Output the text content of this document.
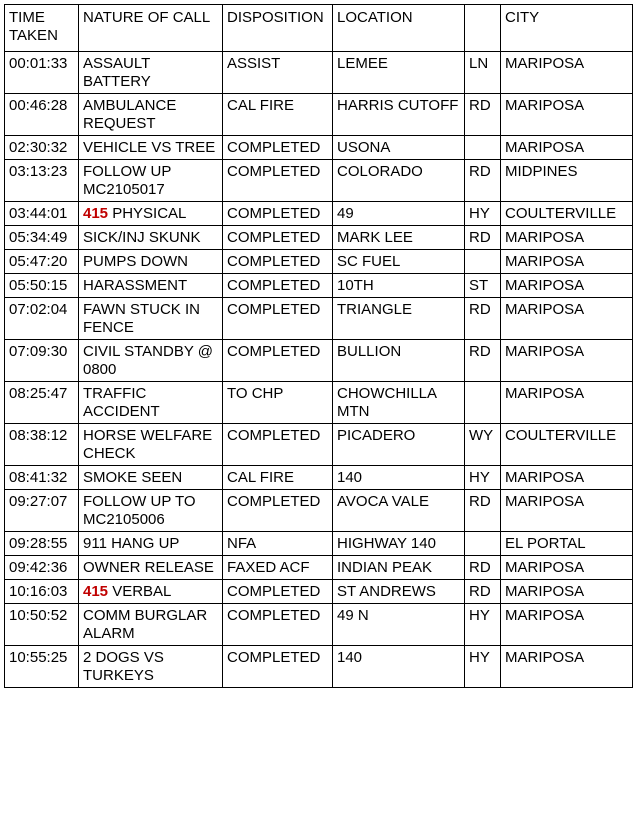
TIME TAKEN	NATURE OF CALL	DISPOSITION	LOCATION		CITY
00:01:33	ASSAULT BATTERY	ASSIST	LEMEE	LN	MARIPOSA
00:46:28	AMBULANCE REQUEST	CAL FIRE	HARRIS CUTOFF	RD	MARIPOSA
02:30:32	VEHICLE VS TREE	COMPLETED	USONA		MARIPOSA
03:13:23	FOLLOW UP MC2105017	COMPLETED	COLORADO	RD	MIDPINES
03:44:01	415 PHYSICAL	COMPLETED	49	HY	COULTERVILLE
05:34:49	SICK/INJ SKUNK	COMPLETED	MARK LEE	RD	MARIPOSA
05:47:20	PUMPS DOWN	COMPLETED	SC FUEL		MARIPOSA
05:50:15	HARASSMENT	COMPLETED	10TH	ST	MARIPOSA
07:02:04	FAWN STUCK IN FENCE	COMPLETED	TRIANGLE	RD	MARIPOSA
07:09:30	CIVIL STANDBY @ 0800	COMPLETED	BULLION	RD	MARIPOSA
08:25:47	TRAFFIC ACCIDENT	TO CHP	CHOWCHILLA MTN		MARIPOSA
08:38:12	HORSE WELFARE CHECK	COMPLETED	PICADERO	WY	COULTERVILLE
08:41:32	SMOKE SEEN	CAL FIRE	140	HY	MARIPOSA
09:27:07	FOLLOW UP TO MC2105006	COMPLETED	AVOCA VALE	RD	MARIPOSA
09:28:55	911 HANG UP	NFA	HIGHWAY 140		EL PORTAL
09:42:36	OWNER RELEASE	FAXED ACF	INDIAN PEAK	RD	MARIPOSA
10:16:03	415 VERBAL	COMPLETED	ST ANDREWS	RD	MARIPOSA
10:50:52	COMM BURGLAR ALARM	COMPLETED	49 N	HY	MARIPOSA
10:55:25	2 DOGS VS TURKEYS	COMPLETED	140	HY	MARIPOSA
